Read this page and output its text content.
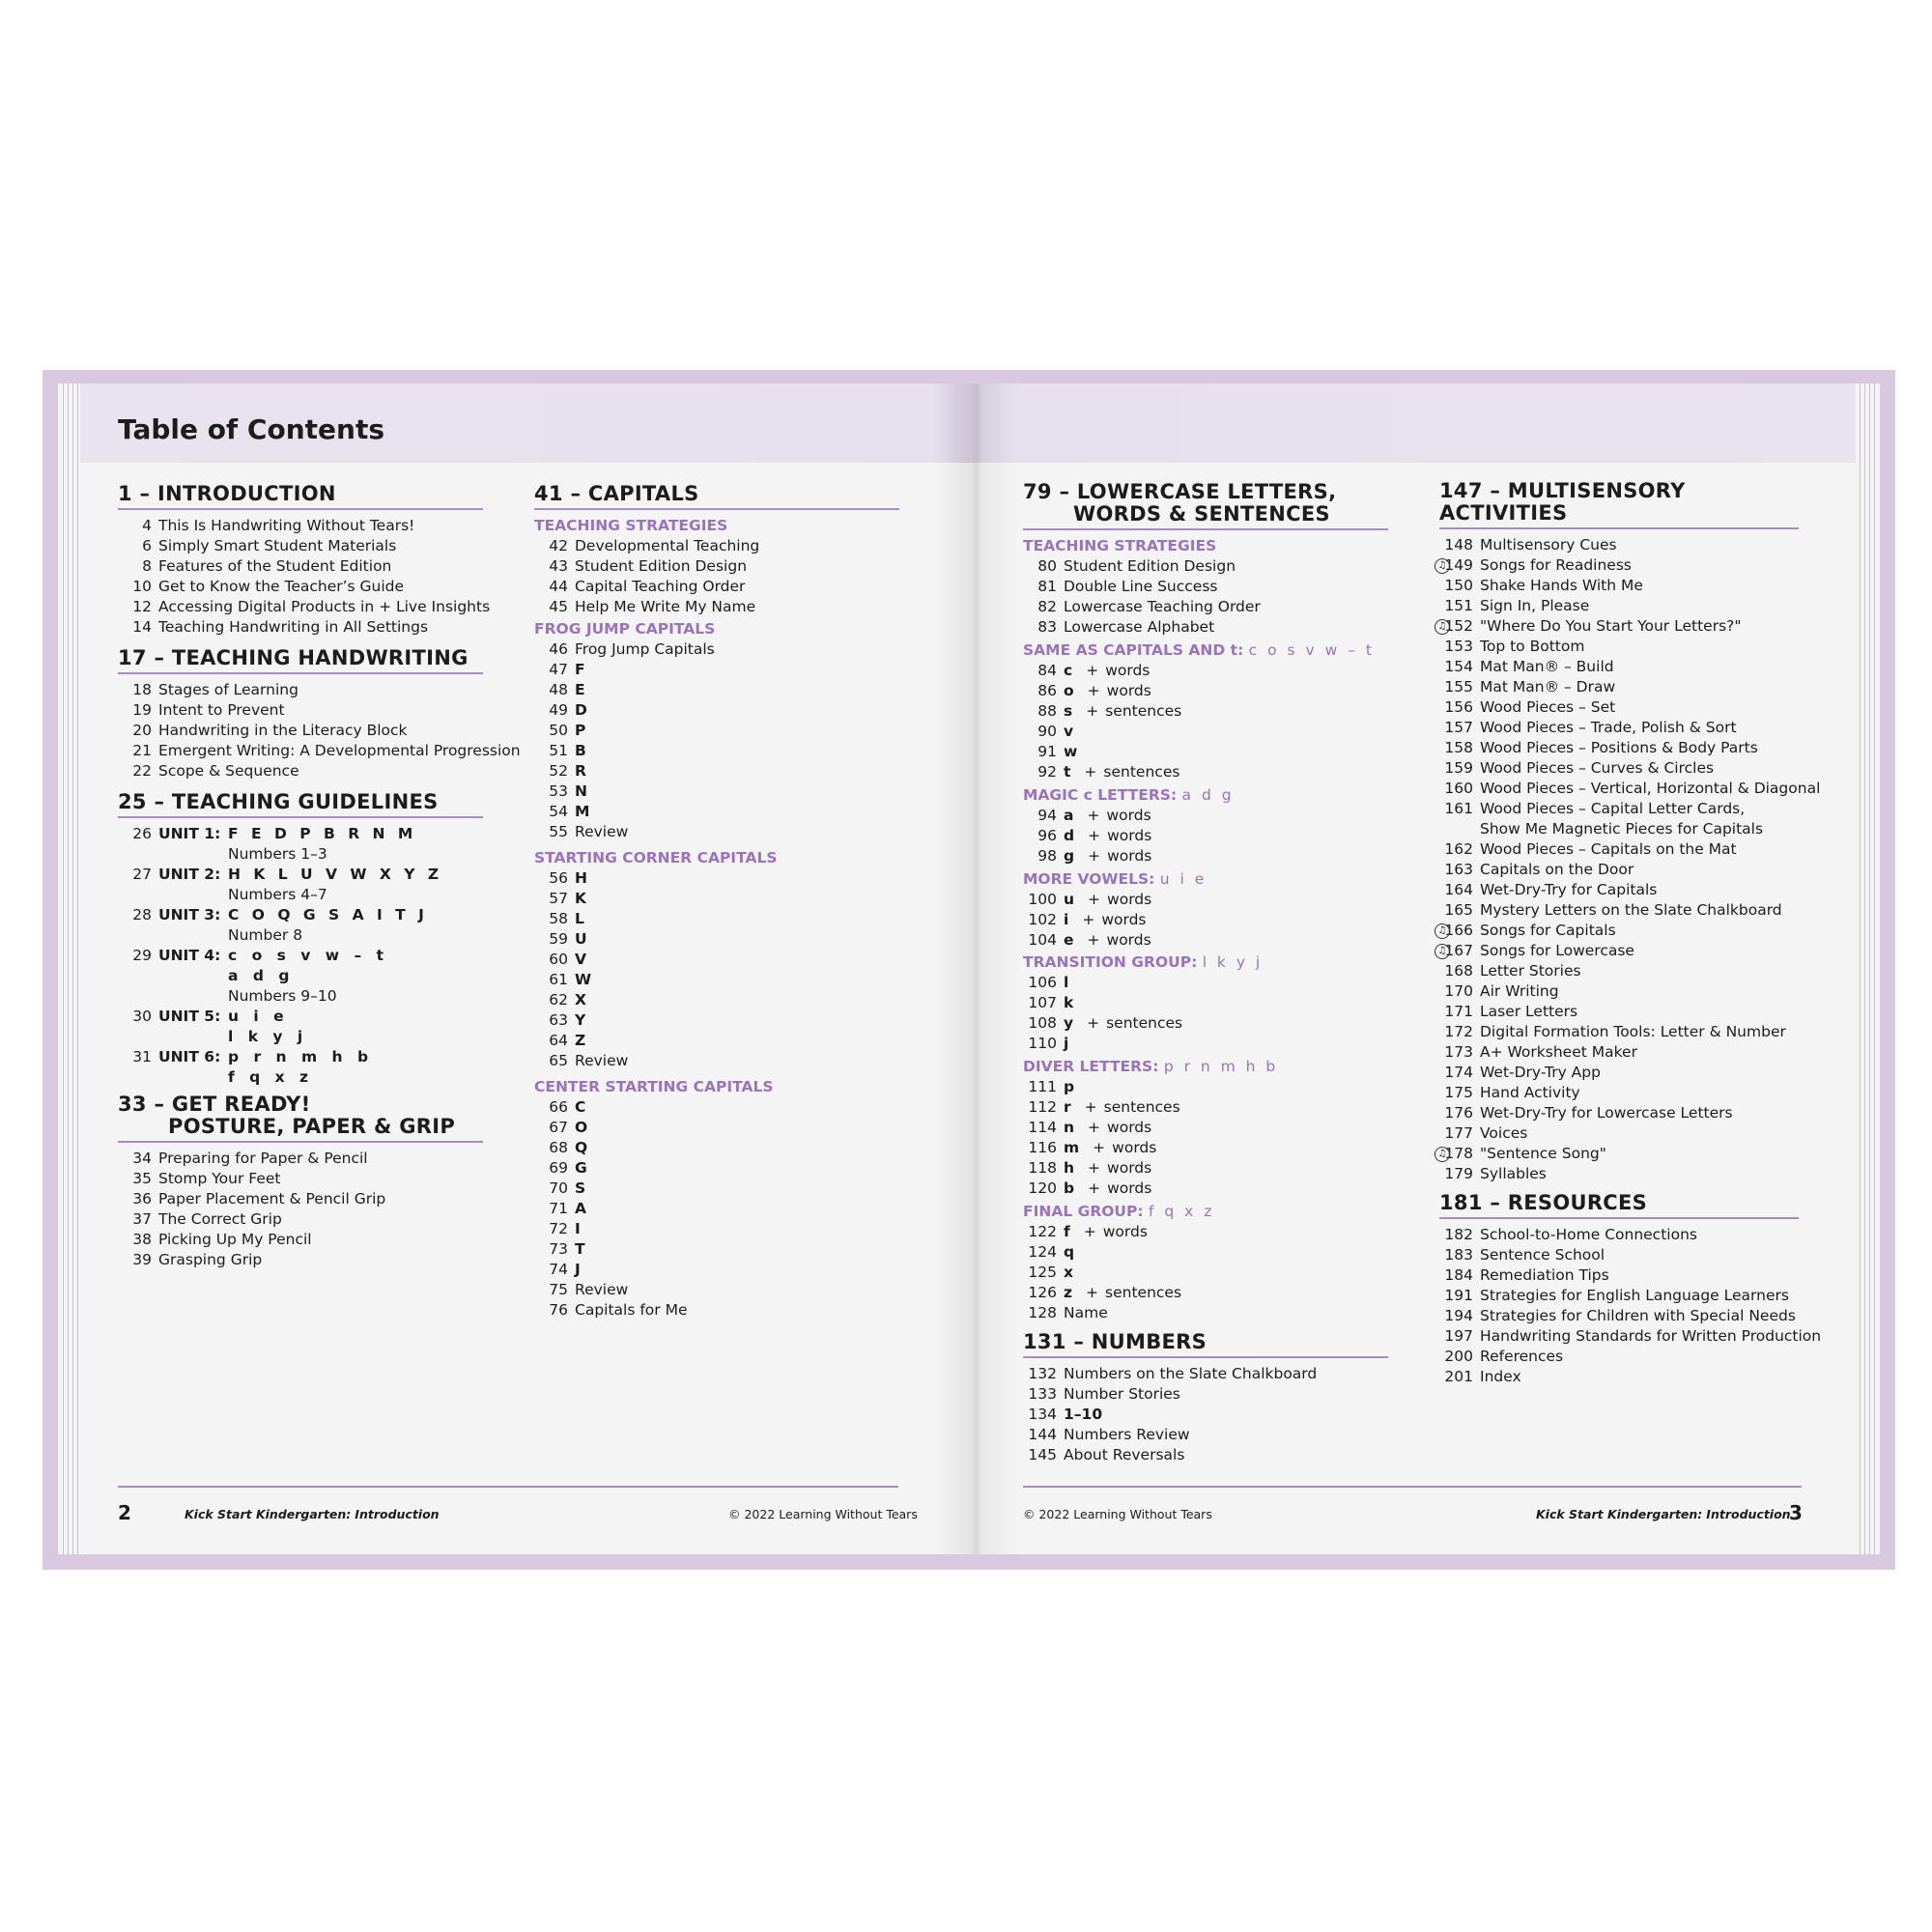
Table of Contents
1 – INTRODUCTION
4 This Is Handwriting Without Tears!
6 Simply Smart Student Materials
8 Features of the Student Edition
10 Get to Know the Teacher’s Guide
12 Accessing Digital Products in + Live Insights
14 Teaching Handwriting in All Settings
17 – TEACHING HANDWRITING
18 Stages of Learning
19 Intent to Prevent
20 Handwriting in the Literacy Block
21 Emergent Writing: A Developmental Progression
22 Scope & Sequence
25 – TEACHING GUIDELINES
26 UNIT 1: F E D P B R N M
Numbers 1–3
27 UNIT 2: H K L U V W X Y Z
Numbers 4–7
28 UNIT 3: C O Q G S A I T J
Number 8
29 UNIT 4: c o s v w – t
a d g
Numbers 9–10
30 UNIT 5: u i e
l k y j
31 UNIT 6: p r n m h b
f q x z
33 – GET READY!
POSTURE, PAPER & GRIP
34 Preparing for Paper & Pencil
35 Stomp Your Feet
36 Paper Placement & Pencil Grip
37 The Correct Grip
38 Picking Up My Pencil
39 Grasping Grip
41 – CAPITALS
TEACHING STRATEGIES
42 Developmental Teaching
43 Student Edition Design
44 Capital Teaching Order
45 Help Me Write My Name
FROG JUMP CAPITALS
46 Frog Jump Capitals
47 F
48 E
49 D
50 P
51 B
52 R
53 N
54 M
55 Review
STARTING CORNER CAPITALS
56 H
57 K
58 L
59 U
60 V
61 W
62 X
63 Y
64 Z
65 Review
CENTER STARTING CAPITALS
66 C
67 O
68 Q
69 G
70 S
71 A
72 I
73 T
74 J
75 Review
76 Capitals for Me
79 – LOWERCASE LETTERS,
WORDS & SENTENCES
TEACHING STRATEGIES
80 Student Edition Design
81 Double Line Success
82 Lowercase Teaching Order
83 Lowercase Alphabet
SAME AS CAPITALS AND t: c o s v w – t
84 c + words
86 o + words
88 s + sentences
90 v
91 w
92 t + sentences
MAGIC c LETTERS: a d g
94 a + words
96 d + words
98 g + words
MORE VOWELS: u i e
100 u + words
102 i + words
104 e + words
TRANSITION GROUP: l k y j
106 l
107 k
108 y + sentences
110 j
DIVER LETTERS: p r n m h b
111 p
112 r + sentences
114 n + words
116 m + words
118 h + words
120 b + words
FINAL GROUP: f q x z
122 f + words
124 q
125 x
126 z + sentences
128 Name
131 – NUMBERS
132 Numbers on the Slate Chalkboard
133 Number Stories
134 1–10
144 Numbers Review
145 About Reversals
147 – MULTISENSORY ACTIVITIES
148 Multisensory Cues
♫
149 Songs for Readiness
150 Shake Hands With Me
151 Sign In, Please
♫
152 "Where Do You Start Your Letters?"
153 Top to Bottom
154 Mat Man® – Build
155 Mat Man® – Draw
156 Wood Pieces – Set
157 Wood Pieces – Trade, Polish & Sort
158 Wood Pieces – Positions & Body Parts
159 Wood Pieces – Curves & Circles
160 Wood Pieces – Vertical, Horizontal & Diagonal
161 Wood Pieces – Capital Letter Cards,
Show Me Magnetic Pieces for Capitals
162 Wood Pieces – Capitals on the Mat
163 Capitals on the Door
164 Wet-Dry-Try for Capitals
165 Mystery Letters on the Slate Chalkboard
♫
166 Songs for Capitals
♫
167 Songs for Lowercase
168 Letter Stories
170 Air Writing
171 Laser Letters
172 Digital Formation Tools: Letter & Number
173 A+ Worksheet Maker
174 Wet-Dry-Try App
175 Hand Activity
176 Wet-Dry-Try for Lowercase Letters
177 Voices
♫
178 "Sentence Song"
179 Syllables
181 – RESOURCES
182 School-to-Home Connections
183 Sentence School
184 Remediation Tips
191 Strategies for English Language Learners
194 Strategies for Children with Special Needs
197 Handwriting Standards for Written Production
200 References
201 Index
2	Kick Start Kindergarten: Introduction	© 2022 Learning Without Tears	© 2022 Learning Without Tears	Kick Start Kindergarten: Introduction
3
